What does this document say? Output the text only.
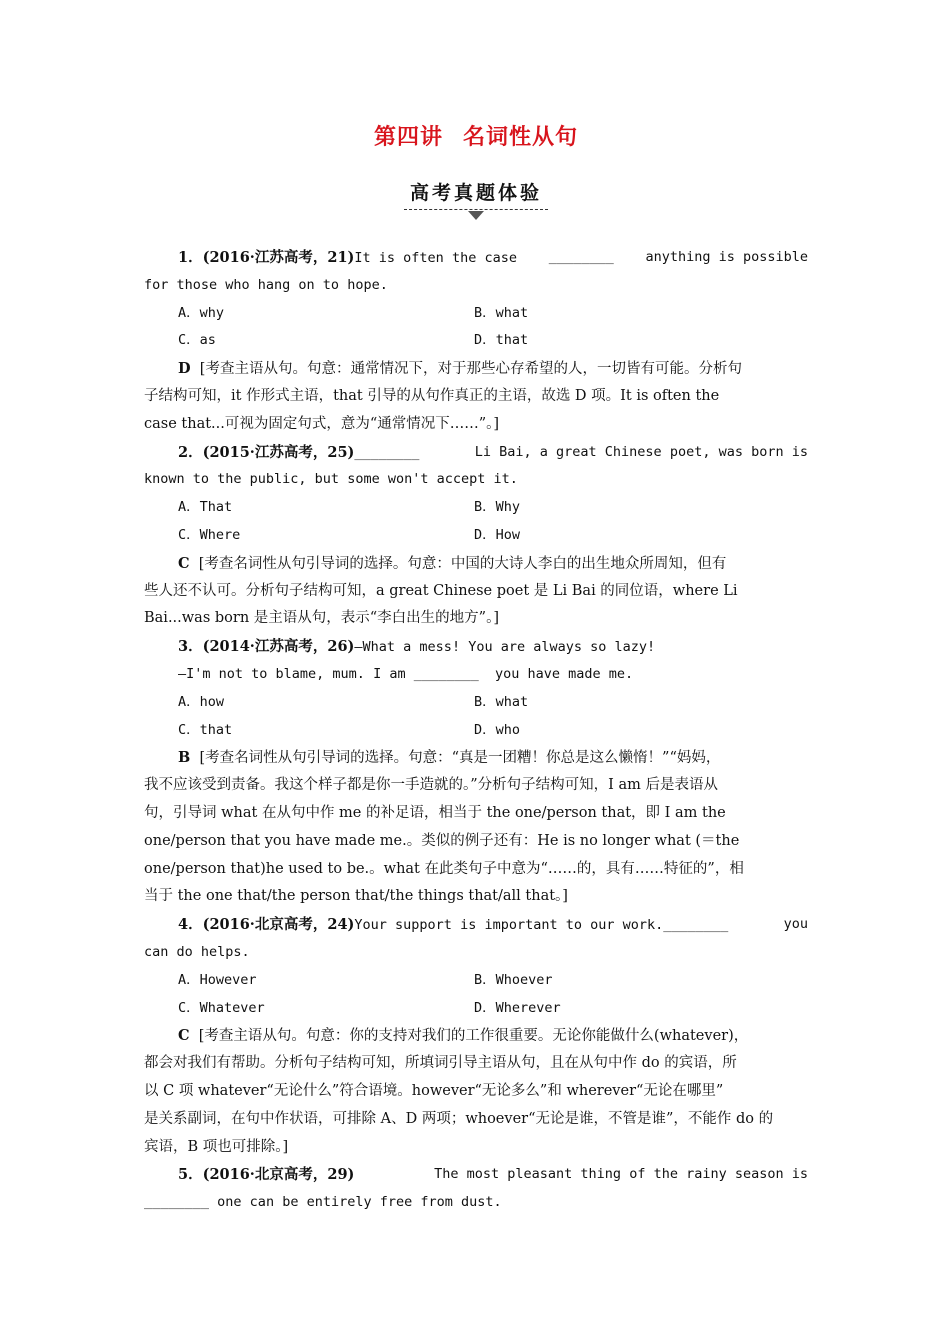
第四讲 名词性从句
高考真题体验
1．(2016·江苏高考，21)It is often the case ________ anything is possible
for those who hang on to hope.
A．why	B．what
C．as	D．that
D [考查主语从句。句意：通常情况下，对于那些心存希望的人，一切皆有可能。分析句
子结构可知，it 作形式主语，that 引导的从句作真正的主语，故选 D 项。It is often the
case that...可视为固定句式，意为“通常情况下……”。]
2．(2015·江苏高考，25)________	Li Bai, a great Chinese poet, was born is
known to the public, but some won't accept it.
A．That	B．Why
C．Where	D．How
C [考查名词性从句引导词的选择。句意：中国的大诗人李白的出生地众所周知，但有
些人还不认可。分析句子结构可知，a great Chinese poet 是 Li Bai 的同位语，where Li
Bai...was born 是主语从句，表示“李白出生的地方”。]
3．(2014·江苏高考，26)—What a mess! You are always so lazy!
—I'm not to blame, mum. I am ________ you have made me.
A．how	B．what
C．that	D．who
B [考查名词性从句引导词的选择。句意：“真是一团糟！你总是这么懒惰！”“妈妈，
我不应该受到责备。我这个样子都是你一手造就的。”分析句子结构可知，I am 后是表语从
句，引导词 what 在从句中作 me 的补足语，相当于 the one/person that，即 I am the
one/person that you have made me.。类似的例子还有：He is no longer what (＝the
one/person that)he used to be.。what 在此类句子中意为“……的，具有……特征的”，相
当于 the one that/the person that/the things that/all that。]
4．(2016·北京高考，24)Your support is important to our work.________	you
can do helps.
A．However	B．Whoever
C．Whatever	D．Wherever
C [考查主语从句。句意：你的支持对我们的工作很重要。无论你能做什么(whatever)，
都会对我们有帮助。分析句子结构可知，所填词引导主语从句，且在从句中作 do 的宾语，所
以 C 项 whatever“无论什么”符合语境。however“无论多么”和 wherever“无论在哪里”
是关系副词，在句中作状语，可排除 A、D 两项；whoever“无论是谁，不管是谁”，不能作 do 的
宾语，B 项也可排除。]
5．(2016·北京高考，29)	The most pleasant thing of the rainy season is
________ one can be entirely free from dust.
